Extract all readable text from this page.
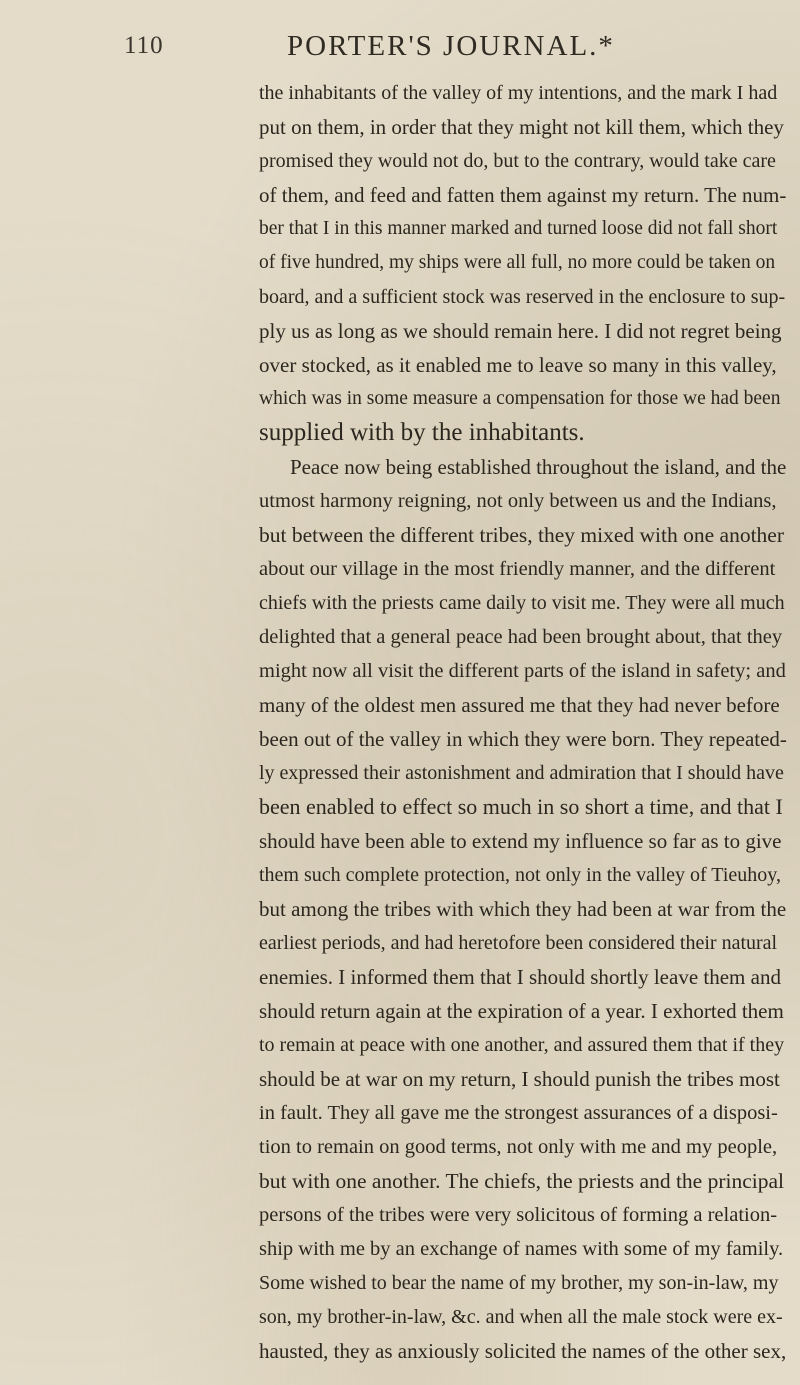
110	PORTER'S JOURNAL.*
the inhabitants of the valley of my intentions, and the mark I had
put on them, in order that they might not kill them, which they
promised they would not do, but to the contrary, would take care
of them, and feed and fatten them against my return. The num-
ber that I in this manner marked and turned loose did not fall short
of five hundred, my ships were all full, no more could be taken on
board, and a sufficient stock was reserved in the enclosure to sup-
ply us as long as we should remain here. I did not regret being
over stocked, as it enabled me to leave so many in this valley,
which was in some measure a compensation for those we had been
supplied with by the inhabitants.
Peace now being established throughout the island, and the
utmost harmony reigning, not only between us and the Indians,
but between the different tribes, they mixed with one another
about our village in the most friendly manner, and the different
chiefs with the priests came daily to visit me. They were all much
delighted that a general peace had been brought about, that they
might now all visit the different parts of the island in safety; and
many of the oldest men assured me that they had never before
been out of the valley in which they were born. They repeated-
ly expressed their astonishment and admiration that I should have
been enabled to effect so much in so short a time, and that I
should have been able to extend my influence so far as to give
them such complete protection, not only in the valley of Tieuhoy,
but among the tribes with which they had been at war from the
earliest periods, and had heretofore been considered their natural
enemies. I informed them that I should shortly leave them and
should return again at the expiration of a year. I exhorted them
to remain at peace with one another, and assured them that if they
should be at war on my return, I should punish the tribes most
in fault. They all gave me the strongest assurances of a disposi-
tion to remain on good terms, not only with me and my people,
but with one another. The chiefs, the priests and the principal
persons of the tribes were very solicitous of forming a relation-
ship with me by an exchange of names with some of my family.
Some wished to bear the name of my brother, my son-in-law, my
son, my brother-in-law, &c. and when all the male stock were ex-
hausted, they as anxiously solicited the names of the other sex,
